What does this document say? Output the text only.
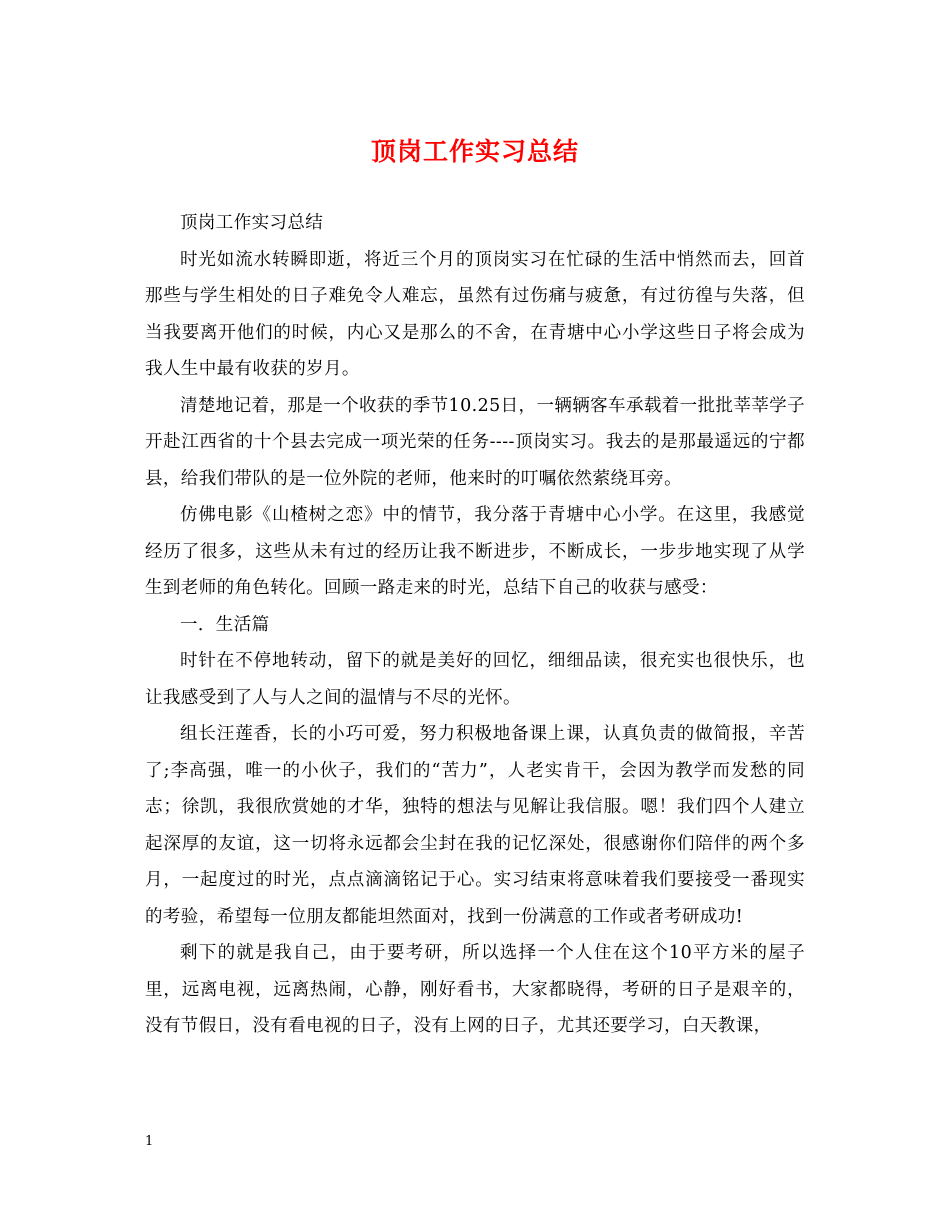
顶岗工作实习总结

顶岗工作实习总结

时光如流水转瞬即逝，将近三个月的顶岗实习在忙碌的生活中悄然而去，回首那些与学生相处的日子难免令人难忘，虽然有过伤痛与疲惫，有过彷徨与失落，但当我要离开他们的时候，内心又是那么的不舍，在青塘中心小学这些日子将会成为我人生中最有收获的岁月。

清楚地记着，那是一个收获的季节10.25日，一辆辆客车承载着一批批莘莘学子开赴江西省的十个县去完成一项光荣的任务----顶岗实习。我去的是那最遥远的宁都县，给我们带队的是一位外院的老师，他来时的叮嘱依然萦绕耳旁。

仿佛电影《山楂树之恋》中的情节，我分落于青塘中心小学。在这里，我感觉经历了很多，这些从未有过的经历让我不断进步，不断成长，一步步地实现了从学生到老师的角色转化。回顾一路走来的时光，总结下自己的收获与感受：

一．生活篇

时针在不停地转动，留下的就是美好的回忆，细细品读，很充实也很快乐，也让我感受到了人与人之间的温情与不尽的光怀。

组长汪莲香，长的小巧可爱，努力积极地备课上课，认真负责的做简报，辛苦了;李高强，唯一的小伙子，我们的“苦力”，人老实肯干，会因为教学而发愁的同志；徐凯，我很欣赏她的才华，独特的想法与见解让我信服。嗯！我们四个人建立起深厚的友谊，这一切将永远都会尘封在我的记忆深处，很感谢你们陪伴的两个多月，一起度过的时光，点点滴滴铭记于心。实习结束将意味着我们要接受一番现实的考验，希望每一位朋友都能坦然面对，找到一份满意的工作或者考研成功!

剩下的就是我自己，由于要考研，所以选择一个人住在这个10平方米的屋子里，远离电视，远离热闹，心静，刚好看书，大家都晓得，考研的日子是艰辛的，没有节假日，没有看电视的日子，没有上网的日子，尤其还要学习，白天教课，

1
